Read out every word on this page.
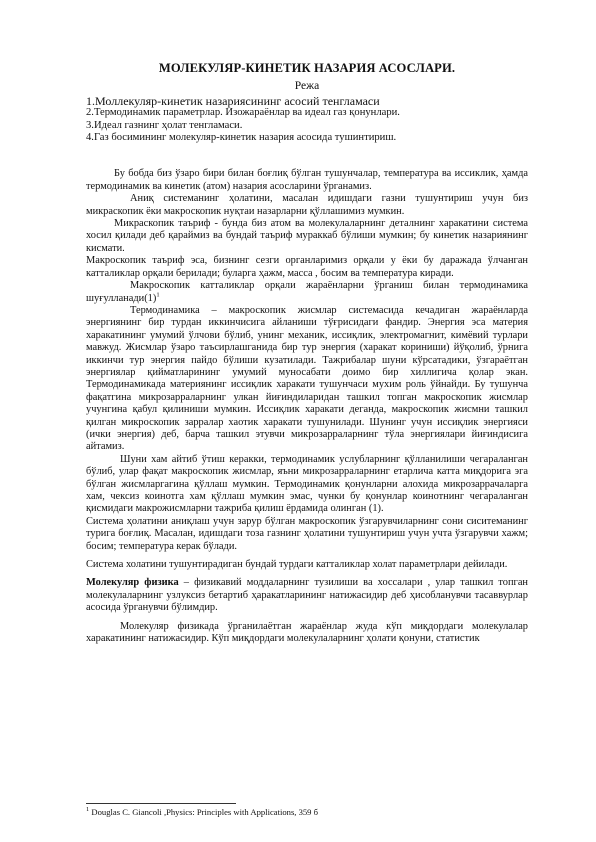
МОЛЕКУЛЯР-КИНЕТИК НАЗАРИЯ АСОСЛАРИ.
Режа
1.Моллекуляр-кинетик назариясининг асосий тенгламаси
2.Термодинамик параметрлар. Изожараёнлар ва идеал газ қонунлари.
3.Идеал газнинг ҳолат тенгламаси.
4.Газ босимининг молекуляр-кинетик назария асосида тушинтириш.

Бу бобда биз ўзаро бири билан боғлиқ бўлган тушунчалар, температура ва иссиклик, ҳамда термодинамик ва кинетик (атом) назария асосларини ўрганамиз.

Аниқ системанинг ҳолатини, масалан идишдаги газни тушунтириш учун биз микраскопик ёки макроскопик нуқтаи назарларни қўллашимиз мумкин.

Микраскопик таъриф - бунда биз атом ва молекулаларнинг деталнинг харакатини система хосил қилади деб қараймиз ва бундай таъриф мураккаб бўлиши мумкин; бу кинетик назариянинг кисмати.

Макроскопик таъриф эса, бизнинг сезги органларимиз орқали у ёки бу даражада ўлчанган катталиклар орқали берилади; буларга ҳажм, масса , босим ва температура киради.

Макроскопик катталиклар орқали жараёнларни ўрганиш билан термодинамика $шуғулланади(1)^1$

Термодинамика – макроскопик жисмлар системасида кечадиган жараёнларда энергиянинг бир турдан иккинчисига айланиши тўғрисидаги фандир. Энергия эса материя харакатининг умумий ўлчови бўлиб, унинг механик, иссиқлик, электромагнит, кимёвий турлари мавжуд. Жисмлар ўзаро таъсирлашганида бир тур энергия (харакат кориниши) йўқолиб, ўрнига иккинчи тур энергия пайдо бўлиши кузатилади. Тажрибалар шуни кўрсатадики, ўзгараётган энергиялар қийматларининг умумий муносабати доимо бир хиллигича қолар экан. Термодинамикада материянинг иссиқлик харакати тушунчаси мухим роль ўйнайди. Бу тушунча фақатгина микрозарраларнинг улкан йиғиндиларидан ташкил топган макроскопик жисмлар учунгина қабул қилиниши мумкин. Иссиқлик харакати деганда, макроскопик жисмни ташкил қилган микроскопик зарралар хаотик харакати тушунилади. Шунинг учун иссиқлик энергияси (ички энергия) деб, барча ташкил этувчи микрозарраларнинг тўла энергиялари йиғиндисига айтамиз.

Шуни хам айтиб ўтиш керакки, термодинамик услубларнинг қўлланилиши чегараланган бўлиб, улар фақат макроскопик жисмлар, яъни микрозарраларнинг етарлича катта миқдорига эга бўлган жисмларгагина қўллаш мумкин. Термодинамик қонунларни алохида микрозаррачаларга хам, чексиз коинотга хам қўллаш мумкин эмас, чунки бу қонунлар коинотнинг чегараланган қисмидаги макрожисмларни тажриба қилиш ёрдамида олинган (1).

Система ҳолатини аниқлаш учун зарур бўлган макроскопик ўзгарувчиларнинг сони сиситеманинг турига боғлиқ. Масалан, идишдаги тоза газнинг ҳолатини тушунтириш учун учта ўзгарувчи хажм; босим; температура керак бўлади.

Система холатини тушунтирадиган бундай турдаги катталиклар холат параметрлари дейилади.

Молекуляр физика – физикавий моддаларнинг тузилиши ва хоссалари , улар ташкил топган молекулаларнинг узлуксиз бетартиб ҳаракатларининг натижасидир деб ҳисобланувчи тасаввурлар асосида ўрганувчи бўлимдир.

Молекуляр физикада ўрганилаётган жараёнлар жуда кўп миқдордаги молекулалар харакатининг натижасидир. Кўп миқдордаги молекулаларнинг ҳолати қонуни, статистик

$^1$ Douglas C. Giancoli ,Physics: Principles with Applications, 359 б
